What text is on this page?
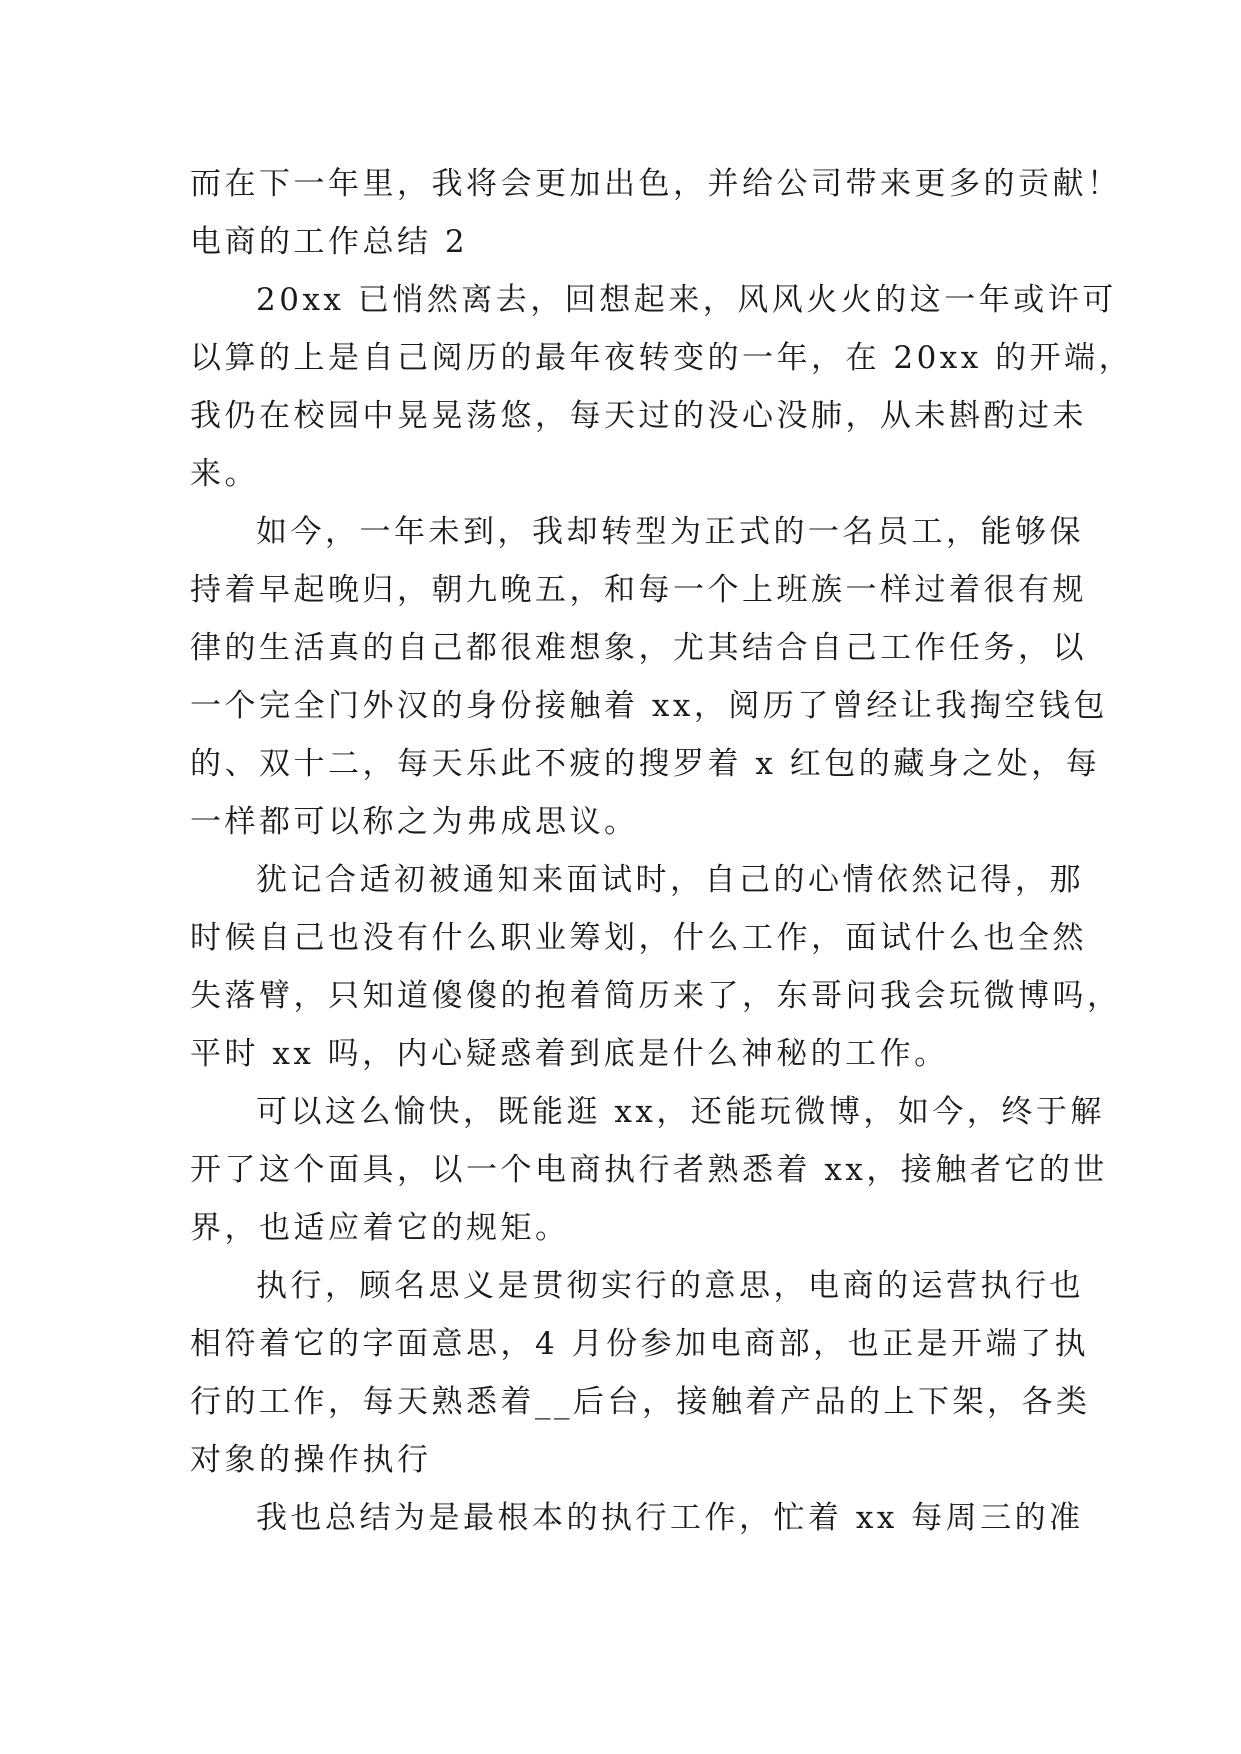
而在下一年里，我将会更加出色，并给公司带来更多的贡献！
电商的工作总结 2
20xx 已悄然离去，回想起来，风风火火的这一年或许可
以算的上是自己阅历的最年夜转变的一年，在 20xx 的开端，
我仍在校园中晃晃荡悠，每天过的没心没肺，从未斟酌过未
来。
如今，一年未到，我却转型为正式的一名员工，能够保
持着早起晚归，朝九晚五，和每一个上班族一样过着很有规
律的生活真的自己都很难想象，尤其结合自己工作任务，以
一个完全门外汉的身份接触着 xx，阅历了曾经让我掏空钱包
的、双十二，每天乐此不疲的搜罗着 x 红包的藏身之处，每
一样都可以称之为弗成思议。
犹记合适初被通知来面试时，自己的心情依然记得，那
时候自己也没有什么职业筹划，什么工作，面试什么也全然
失落臂，只知道傻傻的抱着简历来了，东哥问我会玩微博吗，
平时 xx 吗，内心疑惑着到底是什么神秘的工作。
可以这么愉快，既能逛 xx，还能玩微博，如今，终于解
开了这个面具，以一个电商执行者熟悉着 xx，接触者它的世
界，也适应着它的规矩。
执行，顾名思义是贯彻实行的意思，电商的运营执行也
相符着它的字面意思，4 月份参加电商部，也正是开端了执
行的工作，每天熟悉着__后台，接触着产品的上下架，各类
对象的操作执行
我也总结为是最根本的执行工作，忙着 xx 每周三的准
